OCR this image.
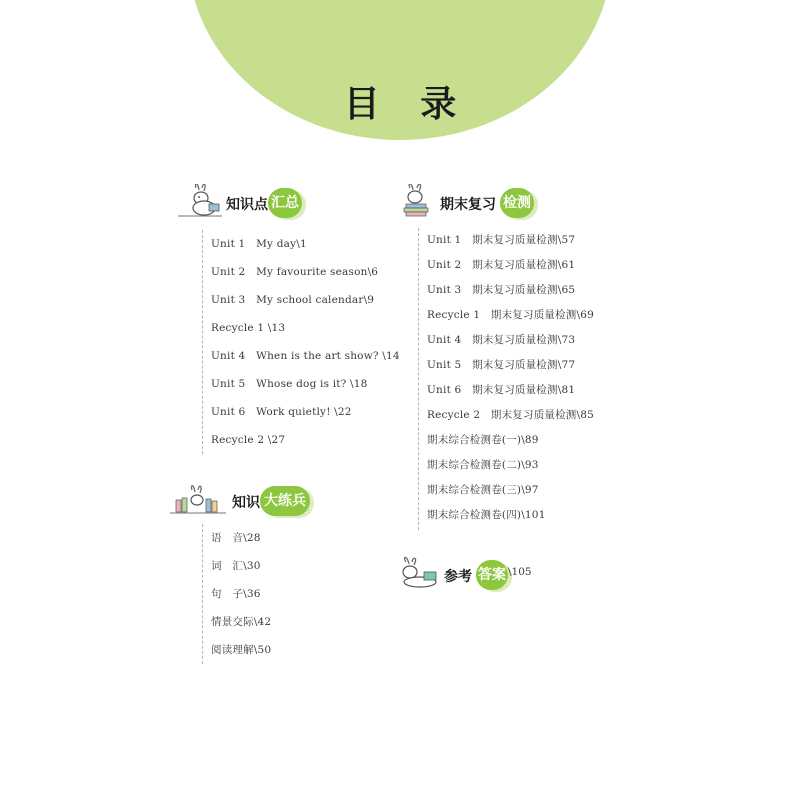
目 录
知识点 汇总
Unit 1　My day\1
Unit 2　My favourite season\6
Unit 3　My school calendar\9
Recycle 1 \13
Unit 4　When is the art show? \14
Unit 5　Whose dog is it? \18
Unit 6　Work quietly! \22
Recycle 2 \27
知识 大练兵
语　音\28
词　汇\30
句　子\36
情景交际\42
阅读理解\50
期末复习 检测
Unit 1　期末复习质量检测\57
Unit 2　期末复习质量检测\61
Unit 3　期末复习质量检测\65
Recycle 1　期末复习质量检测\69
Unit 4　期末复习质量检测\73
Unit 5　期末复习质量检测\77
Unit 6　期末复习质量检测\81
Recycle 2　期末复习质量检测\85
期末综合检测卷(一)\89
期末综合检测卷(二)\93
期末综合检测卷(三)\97
期末综合检测卷(四)\101
参考 答案 \105
